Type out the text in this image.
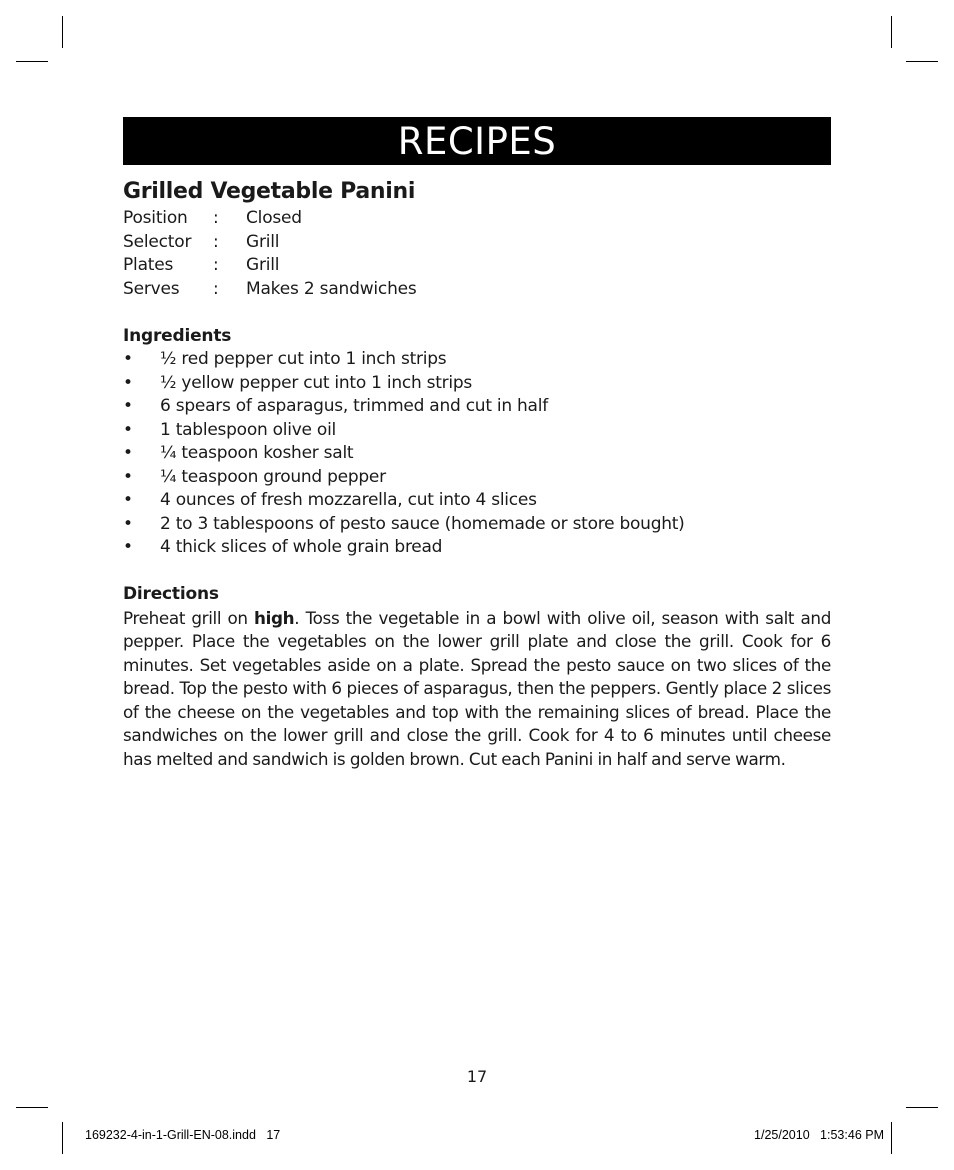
RECIPES
Grilled Vegetable Panini
Position	:	Closed
Selector	:	Grill
Plates	:	Grill
Serves	:	Makes 2 sandwiches
Ingredients
• ½ red pepper cut into 1 inch strips
• ½ yellow pepper cut into 1 inch strips
• 6 spears of asparagus, trimmed and cut in half
• 1 tablespoon olive oil
• ¼ teaspoon kosher salt
• ¼ teaspoon ground pepper
• 4 ounces of fresh mozzarella, cut into 4 slices
• 2 to 3 tablespoons of pesto sauce (homemade or store bought)
• 4 thick slices of whole grain bread
Directions

Preheat grill on high. Toss the vegetable in a bowl with olive oil, season with salt and pepper. Place the vegetables on the lower grill plate and close the grill. Cook for 6 minutes. Set vegetables aside on a plate. Spread the pesto sauce on two slices of the bread. Top the pesto with 6 pieces of asparagus, then the peppers. Gently place 2 slices of the cheese on the vegetables and top with the remaining slices of bread. Place the sandwiches on the lower grill and close the grill. Cook for 4 to 6 minutes until cheese has melted and sandwich is golden brown. Cut each Panini in half and serve warm.

17
169232-4-in-1-Grill-EN-08.indd   17	1/25/2010   1:53:46 PM
